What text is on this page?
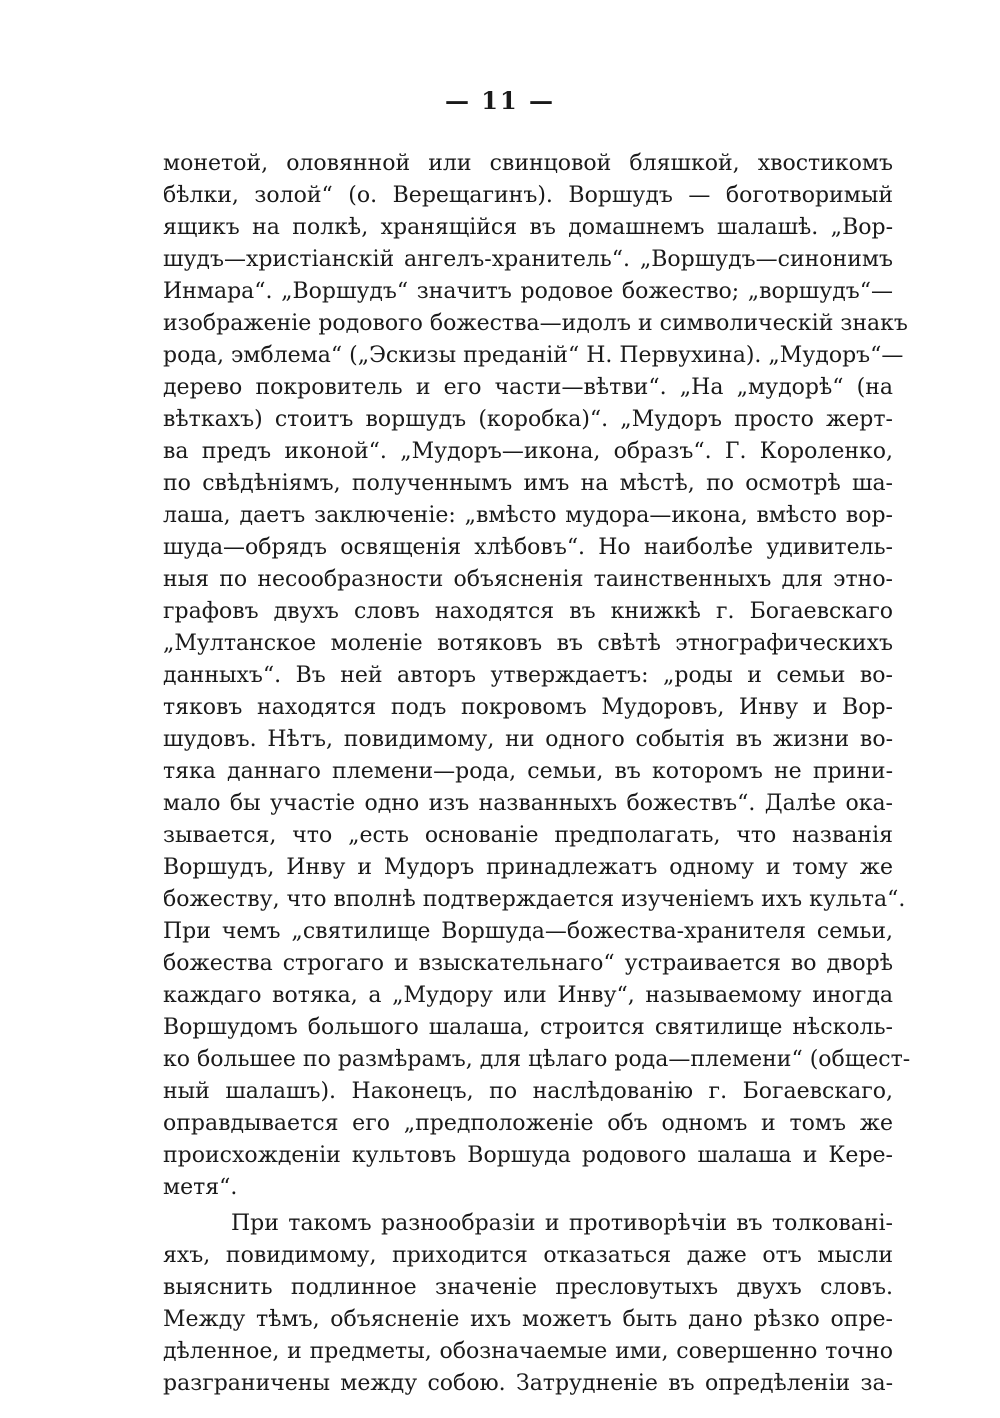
— 11 —
монетой, оловянной или свинцовой бляшкой, хвостикомъ
бѣлки, золой“ (о. Верещагинъ). Воршудъ — боготворимый
ящикъ на полкѣ, хранящійся въ домашнемъ шалашѣ. „Вор-
шудъ—христіанскій ангелъ-хранитель“. „Воршудъ—синонимъ
Инмара“. „Воршудъ“ значитъ родовое божество; „воршудъ“—
изображеніе родового божества—идолъ и символическій знакъ
рода, эмблема“ („Эскизы преданій“ Н. Первухина). „Мудоръ“—
дерево покровитель и его части—вѣтви“. „На „мудорѣ“ (на
вѣткахъ) стоитъ воршудъ (коробка)“. „Мудоръ просто жерт-
ва предъ иконой“. „Мудоръ—икона, образъ“. Г. Короленко,
по свѣдѣніямъ, полученнымъ имъ на мѣстѣ, по осмотрѣ ша-
лаша, даетъ заключеніе: „вмѣсто мудора—икона, вмѣсто вор-
шуда—обрядъ освященія хлѣбовъ“. Но наиболѣе удивитель-
ныя по несообразности объясненія таинственныхъ для этно-
графовъ двухъ словъ находятся въ книжкѣ г. Богаевскаго
„Мултанское моленіе вотяковъ въ свѣтѣ этнографическихъ
данныхъ“. Въ ней авторъ утверждаетъ: „роды и семьи во-
тяковъ находятся подъ покровомъ Мудоровъ, Инву и Вор-
шудовъ. Нѣтъ, повидимому, ни одного событія въ жизни во-
тяка даннаго племени—рода, семьи, въ которомъ не прини-
мало бы участіе одно изъ названныхъ божествъ“. Далѣе ока-
зывается, что „есть основаніе предполагать, что названія
Воршудъ, Инву и Мудоръ принадлежатъ одному и тому же
божеству, что вполнѣ подтверждается изученіемъ ихъ культа“.
При чемъ „святилище Воршуда—божества-хранителя семьи,
божества строгаго и взыскательнаго“ устраивается во дворѣ
каждаго вотяка, а „Мудору или Инву“, называемому иногда
Воршудомъ большого шалаша, строится святилище нѣсколь-
ко большее по размѣрамъ, для цѣлаго рода—племени“ (общест-
ный шалашъ). Наконецъ, по наслѣдованію г. Богаевскаго,
оправдывается его „предположеніе объ одномъ и томъ же
происхожденіи культовъ Воршуда родового шалаша и Кере-
метя“.
При такомъ разнообразіи и противорѣчіи въ толкованi-
яхъ, повидимому, приходится отказаться даже отъ мысли
выяснить подлинное значеніе пресловутыхъ двухъ словъ.
Между тѣмъ, объясненіе ихъ можетъ быть дано рѣзко опре-
дѣленное, и предметы, обозначаемые ими, совершенно точно
разграничены между собою. Затрудненіе въ опредѣленіи за-
